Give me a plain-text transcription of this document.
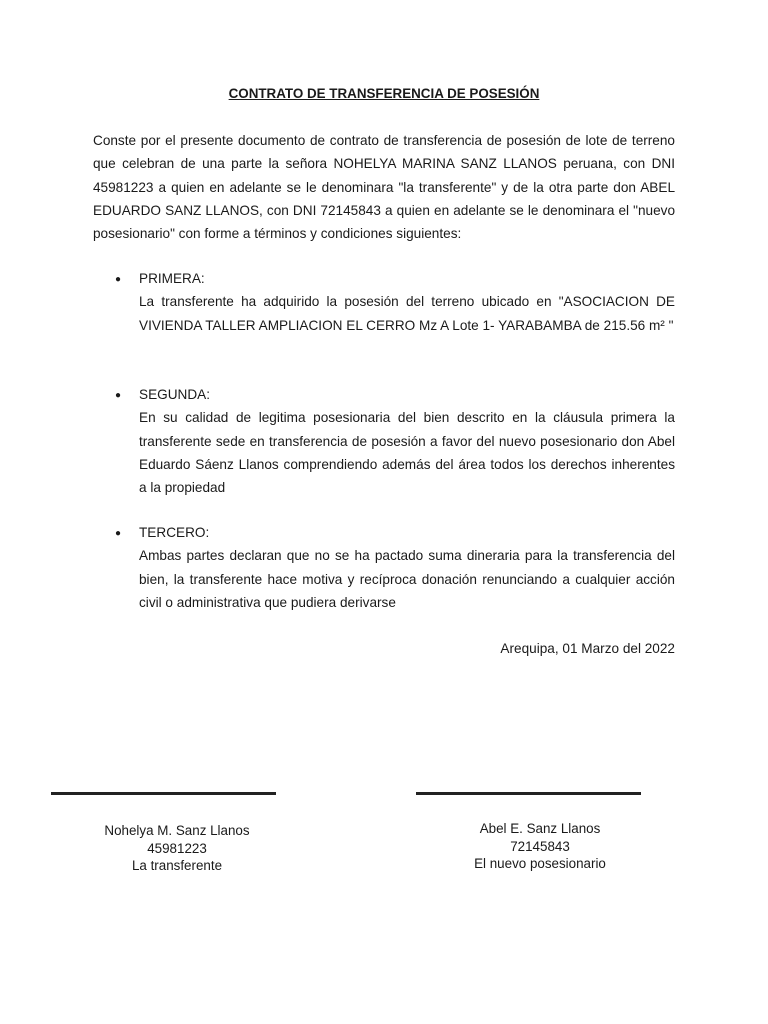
CONTRATO DE TRANSFERENCIA DE POSESIÓN

Conste por el presente documento de contrato de transferencia de posesión de lote de terreno que celebran de una parte la señora NOHELYA MARINA SANZ LLANOS peruana, con DNI 45981223 a quien en adelante se le denominara "la transferente" y de la otra parte don ABEL EDUARDO SANZ LLANOS, con DNI 72145843 a quien en adelante se le denominara el "nuevo posesionario" con forme a términos y condiciones siguientes:

● PRIMERA:

La transferente ha adquirido la posesión del terreno ubicado en "ASOCIACION DE VIVIENDA TALLER AMPLIACION EL CERRO Mz A Lote 1- YARABAMBA de 215.56 m² "

● SEGUNDA:

En su calidad de legitima posesionaria del bien descrito en la cláusula primera la transferente sede en transferencia de posesión a favor del nuevo posesionario don Abel Eduardo Sáenz Llanos comprendiendo además del área todos los derechos inherentes a la propiedad

● TERCERO:

Ambas partes declaran que no se ha pactado suma dineraria para la transferencia del bien, la transferente hace motiva y recíproca donación renunciando a cualquier acción civil o administrativa que pudiera derivarse

Arequipa, 01 Marzo del 2022
Nohelya M. Sanz Llanos
45981223
La transferente
Abel E. Sanz Llanos
72145843
El nuevo posesionario
